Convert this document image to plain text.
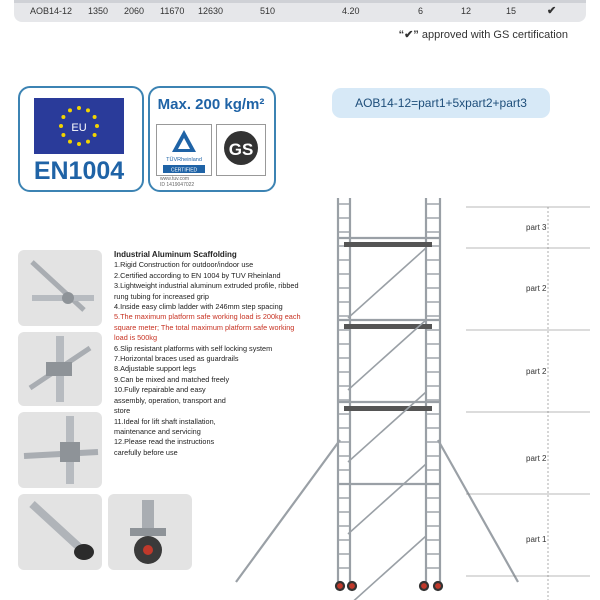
AOB14-12 1350 2060 11670 12630	510	4.20	6	12	15	✔
“✔” approved with GS certification
EU
EN1004
Max. 200 kg/m²
TÜVRheinland
CERTIFIED
GS
www.tuv.com
ID 1419047022
AOB14-12=part1+5xpart2+part3
Industrial Aluminum Scaffolding
1.Rigid Construction for outdoor/indoor use
2.Certified according to EN 1004 by TUV Rheinland
3.Lightweight industrial aluminum extruded profile, ribbed rung tubing for increased grip
4.Inside easy climb ladder with 246mm step spacing
5.The maximum platform safe working load is 200kg each square meter; The total maximum platform safe working load is 500kg
6.Slip resistant platforms with self locking system
7.Horizontal braces used as guardrails
8.Adjustable support legs
9.Can be mixed and matched freely
10.Fully repairable and easy assembly, operation, transport and store
11.Ideal for lift shaft installation, maintenance and servicing
12.Please read the instructions carefully before use
part 3
part 2
part 2
part 2
part 1
